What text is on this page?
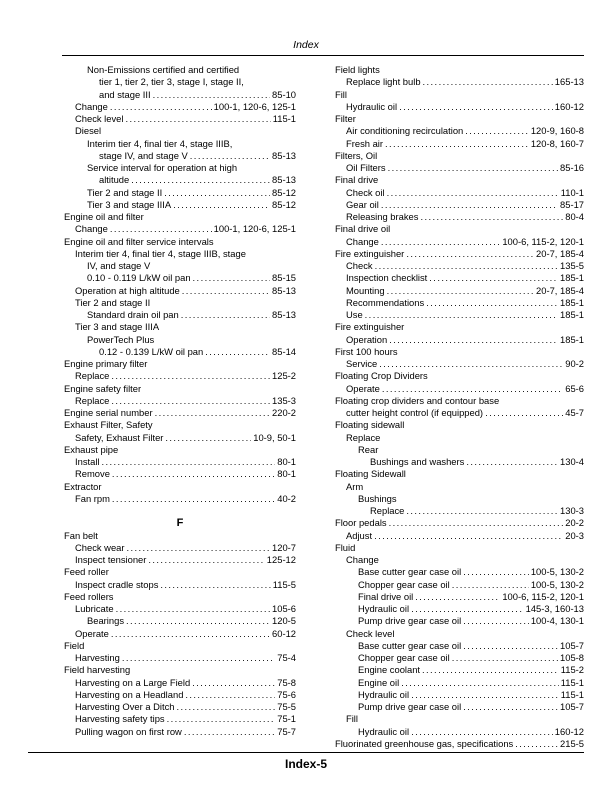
Index
Non-Emissions certified and certified
tier 1, tier 2, tier 3, stage I, stage II,
and stage III . . .	85-10
Change . . .	100-1, 120-6, 125-1
Check level . . .	115-1
Diesel
Interim tier 4, final tier 4, stage IIIB,
stage IV, and stage V . . .	85-13
Service interval for operation at high
altitude . . .	85-13
Tier 2 and stage II . . .	85-12
Tier 3 and stage IIIA . . .	85-12
Engine oil and filter
Change . . .	100-1, 120-6, 125-1
Engine oil and filter service intervals
Interim tier 4, final tier 4, stage IIIB, stage
IV, and stage V
0.10 - 0.119 L/kW oil pan . . .	85-15
Operation at high altitude . . .	85-13
Tier 2 and stage II
Standard drain oil pan . . .	85-13
Tier 3 and stage IIIA
PowerTech Plus
0.12 - 0.139 L/kW oil pan . . .	85-14
Engine primary filter
Replace . . .	125-2
Engine safety filter
Replace . . .	135-3
Engine serial number . . .	220-2
Exhaust Filter, Safety
Safety, Exhaust Filter . . .	10-9, 50-1
Exhaust pipe
Install . . .	80-1
Remove . . .	80-1
Extractor
Fan rpm . . .	40-2
F
Fan belt
Check wear . . .	120-7
Inspect tensioner . . .	125-12
Feed roller
Inspect cradle stops . . .	115-5
Feed rollers
Lubricate . . .	105-6
Bearings . . .	120-5
Operate . . .	60-12
Field
Harvesting . . .	75-4
Field harvesting
Harvesting on a Large Field . . .	75-8
Harvesting on a Headland . . .	75-6
Harvesting Over a Ditch . . .	75-5
Harvesting safety tips . . .	75-1
Pulling wagon on first row . . .	75-7
Field lights
Replace light bulb . . .	165-13
Fill
Hydraulic oil . . .	160-12
Filter
Air conditioning recirculation . . .	120-9, 160-8
Fresh air . . .	120-8, 160-7
Filters, Oil
Oil Filters . . .	85-16
Final drive
Check oil . . .	110-1
Gear oil . . .	85-17
Releasing brakes . . .	80-4
Final drive oil
Change . . .	100-6, 115-2, 120-1
Fire extinguisher . . .	20-7, 185-4
Check . . .	135-5
Inspection checklist . . .	185-1
Mounting . . .	20-7, 185-4
Recommendations . . .	185-1
Use . . .	185-1
Fire extinguisher
Operation . . .	185-1
First 100 hours
Service . . .	90-2
Floating Crop Dividers
Operate . . .	65-6
Floating crop dividers and contour base
cutter height control (if equipped) . . .	45-7
Floating sidewall
Replace
Rear
Bushings and washers . . .	130-4
Floating Sidewall
Arm
Bushings
Replace . . .	130-3
Floor pedals . . .	20-2
Adjust . . .	20-3
Fluid
Change
Base cutter gear case oil . . .	100-5, 130-2
Chopper gear case oil . . .	100-5, 130-2
Final drive oil . . .	100-6, 115-2, 120-1
Hydraulic oil . . .	145-3, 160-13
Pump drive gear case oil . . .	100-4, 130-1
Check level
Base cutter gear case oil . . .	105-7
Chopper gear case oil . . .	105-8
Engine coolant . . .	115-2
Engine oil . . .	115-1
Hydraulic oil . . .	115-1
Pump drive gear case oil . . .	105-7
Fill
Hydraulic oil . . .	160-12
Fluorinated greenhouse gas, specifications . . .	215-5
Index-5
